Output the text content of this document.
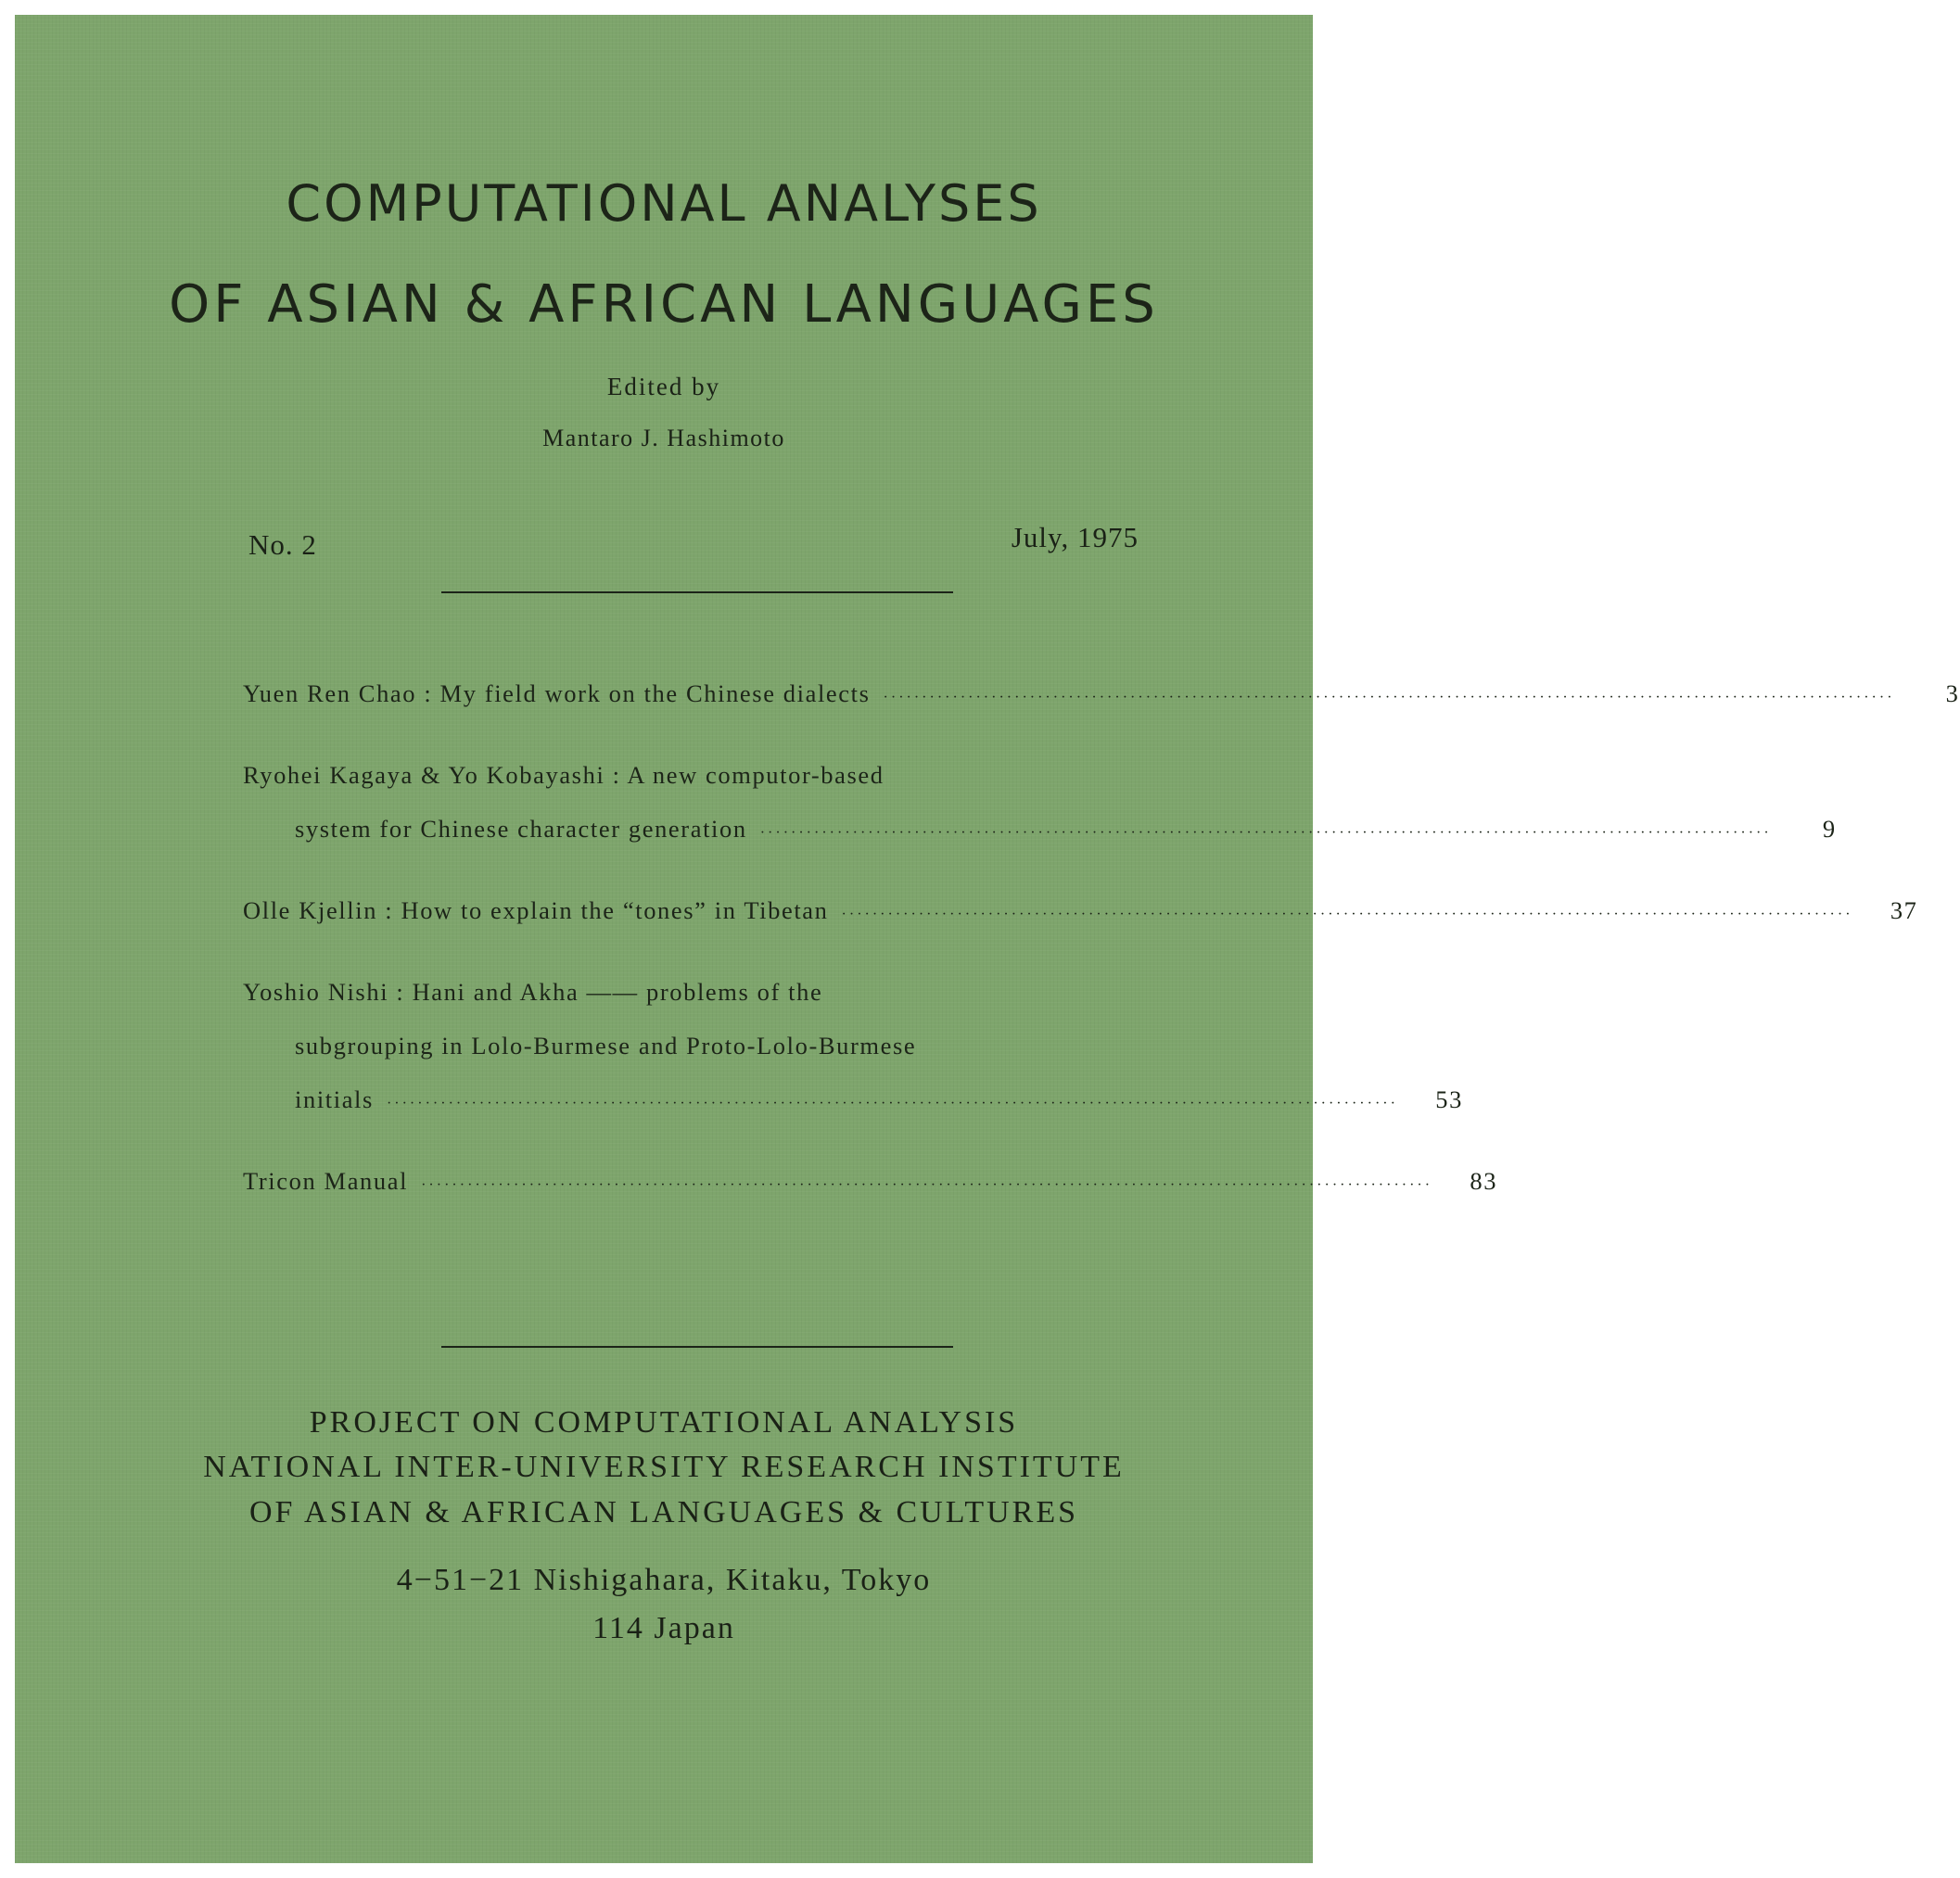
COMPUTATIONAL ANALYSES
OF ASIAN & AFRICAN LANGUAGES
Edited by
Mantaro J. Hashimoto
No. 2	July, 1975
Yuen Ren Chao : My field work on the Chinese dialects ···································································································································	3
Ryohei Kagaya & Yo Kobayashi : A new computor-based
system for Chinese character generation ···································································································································	9
Olle Kjellin : How to explain the “tones” in Tibetan ···································································································································	37
Yoshio Nishi : Hani and Akha —— problems of the
subgrouping in Lolo-Burmese and Proto-Lolo-Burmese
initials ···································································································································	53
Tricon Manual ···································································································································	83
PROJECT ON COMPUTATIONAL ANALYSIS
NATIONAL INTER-UNIVERSITY RESEARCH INSTITUTE
OF ASIAN & AFRICAN LANGUAGES & CULTURES
4−51−21 Nishigahara, Kitaku, Tokyo
114 Japan
